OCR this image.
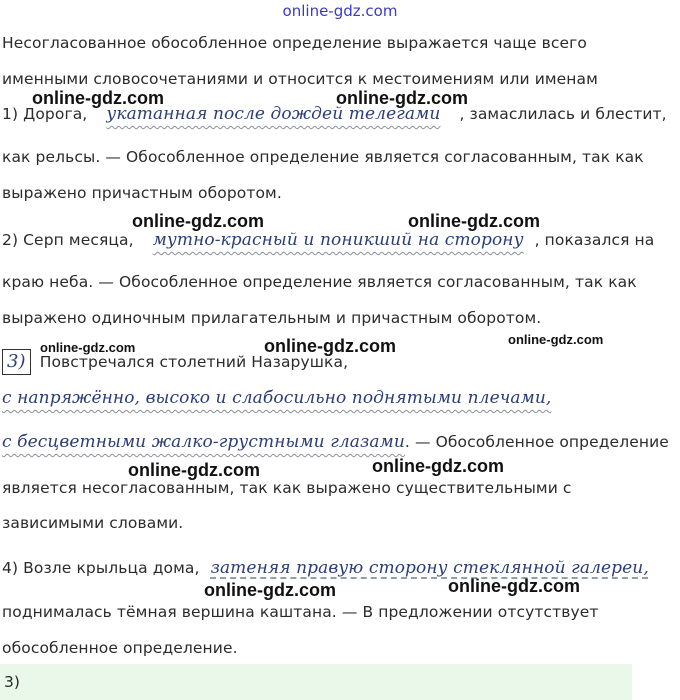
online-gdz.com
Несогласованное обособленное определение выражается чаще всего
именными словосочетаниями и относится к местоимениям или именам
1) Дорога, укатанная после дождей телегами , замаслилась и блестит,
как рельсы. — Обособленное определение является согласованным, так как
выражено причастным оборотом.
2) Серп месяца, мутно-красный и поникший на сторону , показался на
краю неба. — Обособленное определение является согласованным, так как
выражено одиночным прилагательным и причастным оборотом.
3) Повстречался столетний Назарушка,
с напряжённо, высоко и слабосильно поднятыми плечами,
с бесцветными жалко-грустными глазами. — Обособленное определение
является несогласованным, так как выражено существительными с
зависимыми словами.
4) Возле крыльца дома, затеняя правую сторону стеклянной галереи,
поднималась тёмная вершина каштана. — В предложении отсутствует
обособленное определение.
online-gdz.com	online-gdz.com
online-gdz.com	online-gdz.com
online-gdz.com	online-gdz.com
online-gdz.com
online-gdz.com	online-gdz.com
online-gdz.com	online-gdz.com
3)
